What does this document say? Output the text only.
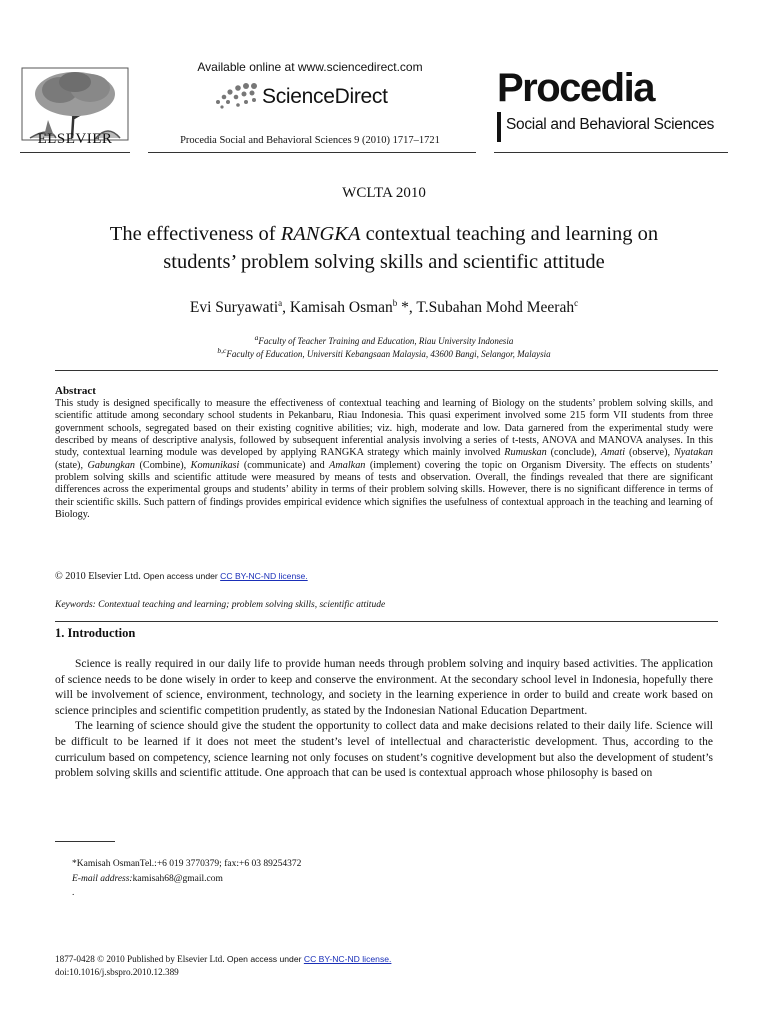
ELSEVIER
Available online at www.sciencedirect.com
ScienceDirect
Procedia Social and Behavioral Sciences 9 (2010) 1717–1721
Procedia
Social and Behavioral Sciences
WCLTA 2010
The effectiveness of RANGKA contextual teaching and learning on
students’ problem solving skills and scientific attitude
Evi Suryawati$^a$, Kamisah Osman$^b$ *, T.Subahan Mohd Meerah$^c$
$^a$Faculty of Teacher Training and Education, Riau University Indonesia
$^{b,c}$Faculty of Education, Universiti Kebangsaan Malaysia, 43600 Bangi, Selangor, Malaysia
Abstract
This study is designed specifically to measure the effectiveness of contextual teaching and learning of Biology on the students’ problem solving skills, and scientific attitude among secondary school students in Pekanbaru, Riau Indonesia. This quasi experiment involved some 215 form VII students from three government schools, segregated based on their existing cognitive abilities; viz. high, moderate and low. Data garnered from the experimental study were described by means of descriptive analysis, followed by subsequent inferential analysis involving a series of t-tests, ANOVA and MANOVA analyses. In this study, contextual learning module was developed by applying RANGKA strategy which mainly involved Rumuskan (conclude), Amati (observe), Nyatakan (state), Gabungkan (Combine), Komunikasi (communicate) and Amalkan (implement) covering the topic on Organism Diversity. The effects on students’ problem solving skills and scientific attitude were measured by means of tests and observation. Overall, the findings revealed that there are significant differences across the experimental groups and students’ ability in terms of their problem solving skills. However, there is no significant difference in terms of their scientific skills. Such pattern of findings provides empirical evidence which signifies the usefulness of contextual approach in the teaching and learning of Biology.
© 2010 Elsevier Ltd. Open access under CC BY-NC-ND license.
Keywords: Contextual teaching and learning; problem solving skills, scientific attitude
1. Introduction

Science is really required in our daily life to provide human needs through problem solving and inquiry based activities. The application of science needs to be done wisely in order to keep and conserve the environment. At the secondary school level in Indonesia, hopefully there will be involvement of science, environment, technology, and society in the learning experience in order to build and create work based on science principles and scientific competition prudently, as stated by the Indonesian National Education Department.

The learning of science should give the student the opportunity to collect data and make decisions related to their daily life. Science will be difficult to be learned if it does not meet the student’s level of intellectual and characteristic development. Thus, according to the curriculum based on competency, science learning not only focuses on student’s cognitive development but also the development of student’s problem solving skills and scientific attitude. One approach that can be used is contextual approach whose philosophy is based on

*Kamisah OsmanTel.:+6 019 3770379; fax:+6 03 89254372
E-mail address:kamisah68@gmail.com
.
1877-0428 © 2010 Published by Elsevier Ltd. Open access under CC BY-NC-ND license.
doi:10.1016/j.sbspro.2010.12.389
